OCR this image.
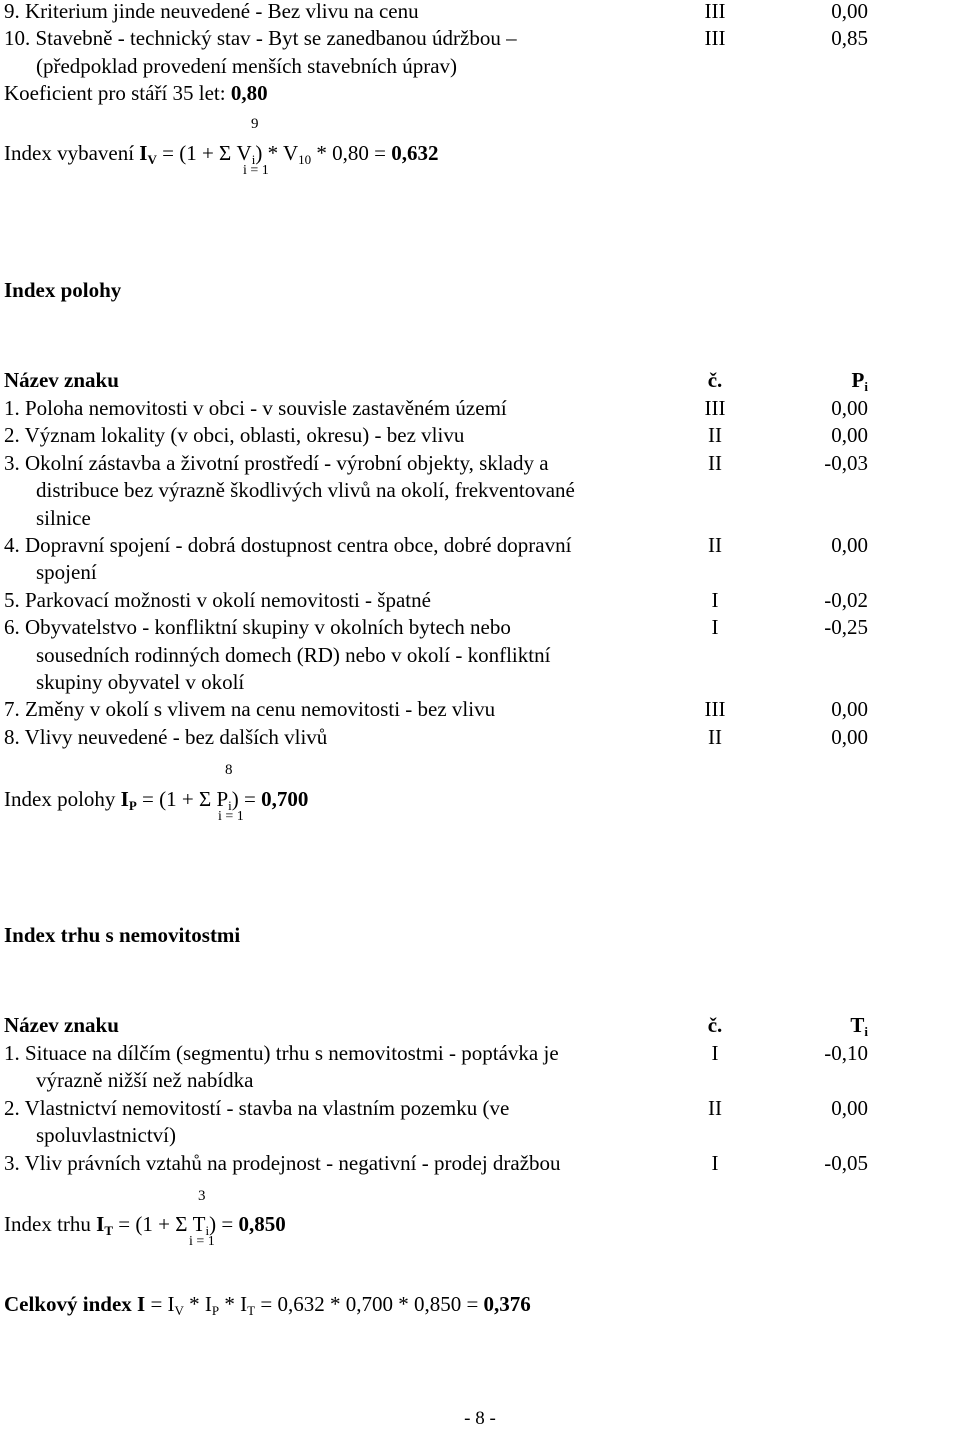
9. Kriterium jinde neuvedené - Bez vlivu na cenu	III	0,00
10. Stavebně - technický stav - Byt se zanedbanou údržbou –	III	0,85
(předpoklad provedení menších stavebních úprav)
Koeficient pro stáří 35 let: 0,80
9
Index vybavení $I_V = (1 + \Sigma$ $V_i) * V_{10} * 0,80 = 0,632$
i = 1
Index polohy
Název znaku	č.	$P_i$
1. Poloha nemovitosti v obci - v souvisle zastavěném území	III	0,00
2. Význam lokality (v obci, oblasti, okresu) - bez vlivu	II	0,00
3. Okolní zástavba a životní prostředí - výrobní objekty, sklady a	II	-0,03
distribuce bez výrazně škodlivých vlivů na okolí, frekventované
silnice
4. Dopravní spojení - dobrá dostupnost centra obce, dobré dopravní	II	0,00
spojení
5. Parkovací možnosti v okolí nemovitosti - špatné	I	-0,02
6. Obyvatelstvo - konfliktní skupiny v okolních bytech nebo	I	-0,25
sousedních rodinných domech (RD) nebo v okolí - konfliktní
skupiny obyvatel v okolí
7. Změny v okolí s vlivem na cenu nemovitosti - bez vlivu	III	0,00
8. Vlivy neuvedené - bez dalších vlivů	II	0,00
8
Index polohy $I_P = (1 + \Sigma$ $P_i) = 0,700$
i = 1
Index trhu s nemovitostmi
Název znaku	č.	$T_i$
1. Situace na dílčím (segmentu) trhu s nemovitostmi - poptávka je	I	-0,10
výrazně nižší než nabídka
2. Vlastnictví nemovitostí - stavba na vlastním pozemku (ve	II	0,00
spoluvlastnictví)
3. Vliv právních vztahů na prodejnost - negativní - prodej dražbou	I	-0,05
3
Index trhu $I_T = (1 + \Sigma$ $T_i) = 0,850$
i = 1
Celkový index $I = I_V * I_P * I_T = 0,632 * 0,700 * 0,850 = 0,376$
- 8 -
